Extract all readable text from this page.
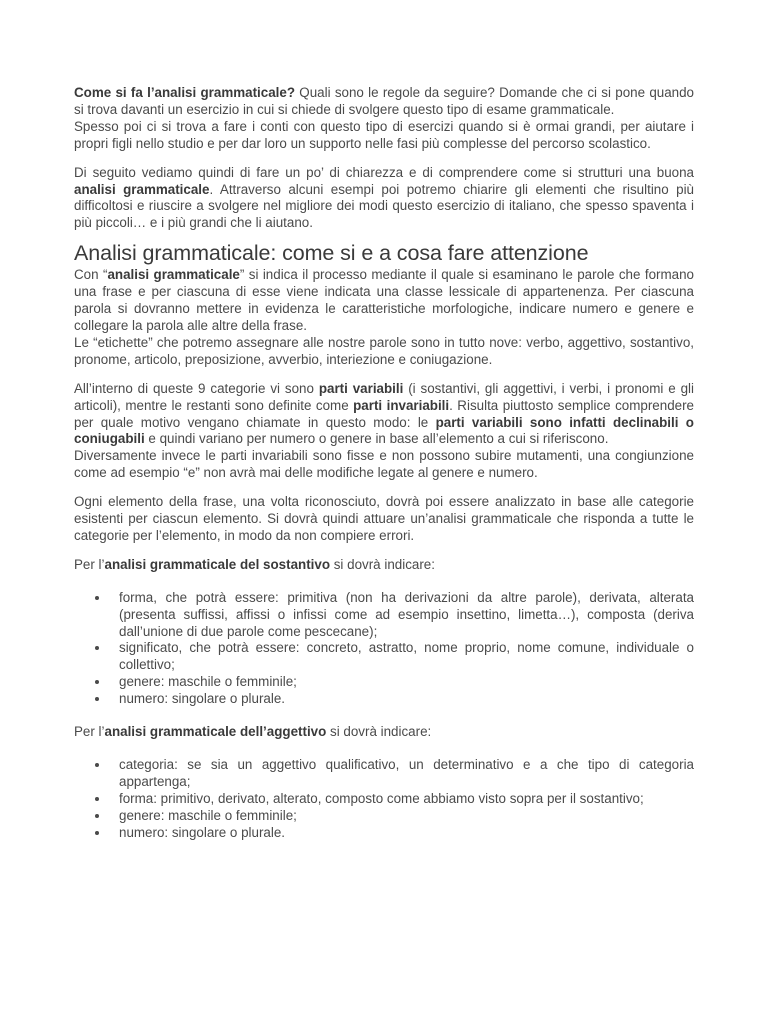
Come si fa l’analisi grammaticale? Quali sono le regole da seguire? Domande che ci si pone quando si trova davanti un esercizio in cui si chiede di svolgere questo tipo di esame grammaticale.

Spesso poi ci si trova a fare i conti con questo tipo di esercizi quando si è ormai grandi, per aiutare i propri figli nello studio e per dar loro un supporto nelle fasi più complesse del percorso scolastico.

Di seguito vediamo quindi di fare un po’ di chiarezza e di comprendere come si strutturi una buona analisi grammaticale. Attraverso alcuni esempi poi potremo chiarire gli elementi che risultino più difficoltosi e riuscire a svolgere nel migliore dei modi questo esercizio di italiano, che spesso spaventa i più piccoli… e i più grandi che li aiutano.

Analisi grammaticale: come si e a cosa fare attenzione

Con “analisi grammaticale” si indica il processo mediante il quale si esaminano le parole che formano una frase e per ciascuna di esse viene indicata una classe lessicale di appartenenza. Per ciascuna parola si dovranno mettere in evidenza le caratteristiche morfologiche, indicare numero e genere e collegare la parola alle altre della frase.

Le “etichette” che potremo assegnare alle nostre parole sono in tutto nove: verbo, aggettivo, sostantivo, pronome, articolo, preposizione, avverbio, interiezione e coniugazione.

All’interno di queste 9 categorie vi sono parti variabili (i sostantivi, gli aggettivi, i verbi, i pronomi e gli articoli), mentre le restanti sono definite come parti invariabili. Risulta piuttosto semplice comprendere per quale motivo vengano chiamate in questo modo: le parti variabili sono infatti declinabili o coniugabili e quindi variano per numero o genere in base all’elemento a cui si riferiscono.

Diversamente invece le parti invariabili sono fisse e non possono subire mutamenti, una congiunzione come ad esempio “e” non avrà mai delle modifiche legate al genere e numero.

Ogni elemento della frase, una volta riconosciuto, dovrà poi essere analizzato in base alle categorie esistenti per ciascun elemento. Si dovrà quindi attuare un’analisi grammaticale che risponda a tutte le categorie per l’elemento, in modo da non compiere errori.

Per l’analisi grammaticale del sostantivo si dovrà indicare:

forma, che potrà essere: primitiva (non ha derivazioni da altre parole), derivata, alterata (presenta suffissi, affissi o infissi come ad esempio insettino, limetta…), composta (deriva dall’unione di due parole come pescecane);
significato, che potrà essere: concreto, astratto, nome proprio, nome comune, individuale o collettivo;
genere: maschile o femminile;
numero: singolare o plurale.

Per l’analisi grammaticale dell’aggettivo si dovrà indicare:

categoria: se sia un aggettivo qualificativo, un determinativo e a che tipo di categoria appartenga;
forma: primitivo, derivato, alterato, composto come abbiamo visto sopra per il sostantivo;
genere: maschile o femminile;
numero: singolare o plurale.
